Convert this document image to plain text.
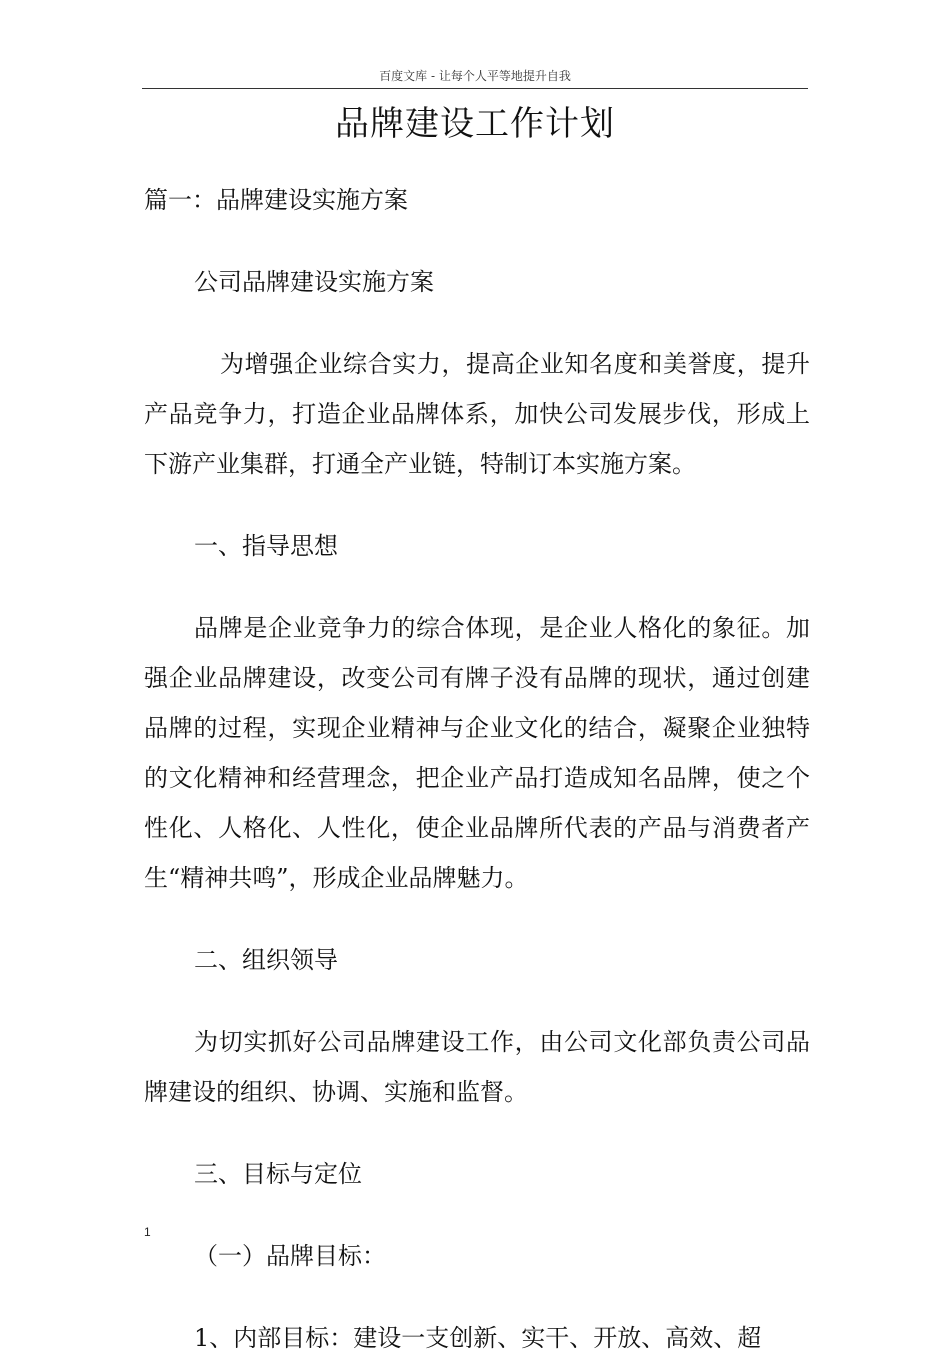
百度文库 - 让每个人平等地提升自我
品牌建设工作计划

篇一：品牌建设实施方案

公司品牌建设实施方案

为增强企业综合实力，提高企业知名度和美誉度，提升产品竞争力，打造企业品牌体系，加快公司发展步伐，形成上下游产业集群，打通全产业链，特制订本实施方案。

一、指导思想

品牌是企业竞争力的综合体现，是企业人格化的象征。加强企业品牌建设，改变公司有牌子没有品牌的现状，通过创建品牌的过程，实现企业精神与企业文化的结合，凝聚企业独特的文化精神和经营理念，把企业产品打造成知名品牌，使之个性化、人格化、人性化，使企业品牌所代表的产品与消费者产生“精神共鸣”，形成企业品牌魅力。

二、组织领导

为切实抓好公司品牌建设工作，由公司文化部负责公司品牌建设的组织、协调、实施和监督。

三、目标与定位

（一）品牌目标：

1、内部目标：建设一支创新、实干、开放、高效、超

1
